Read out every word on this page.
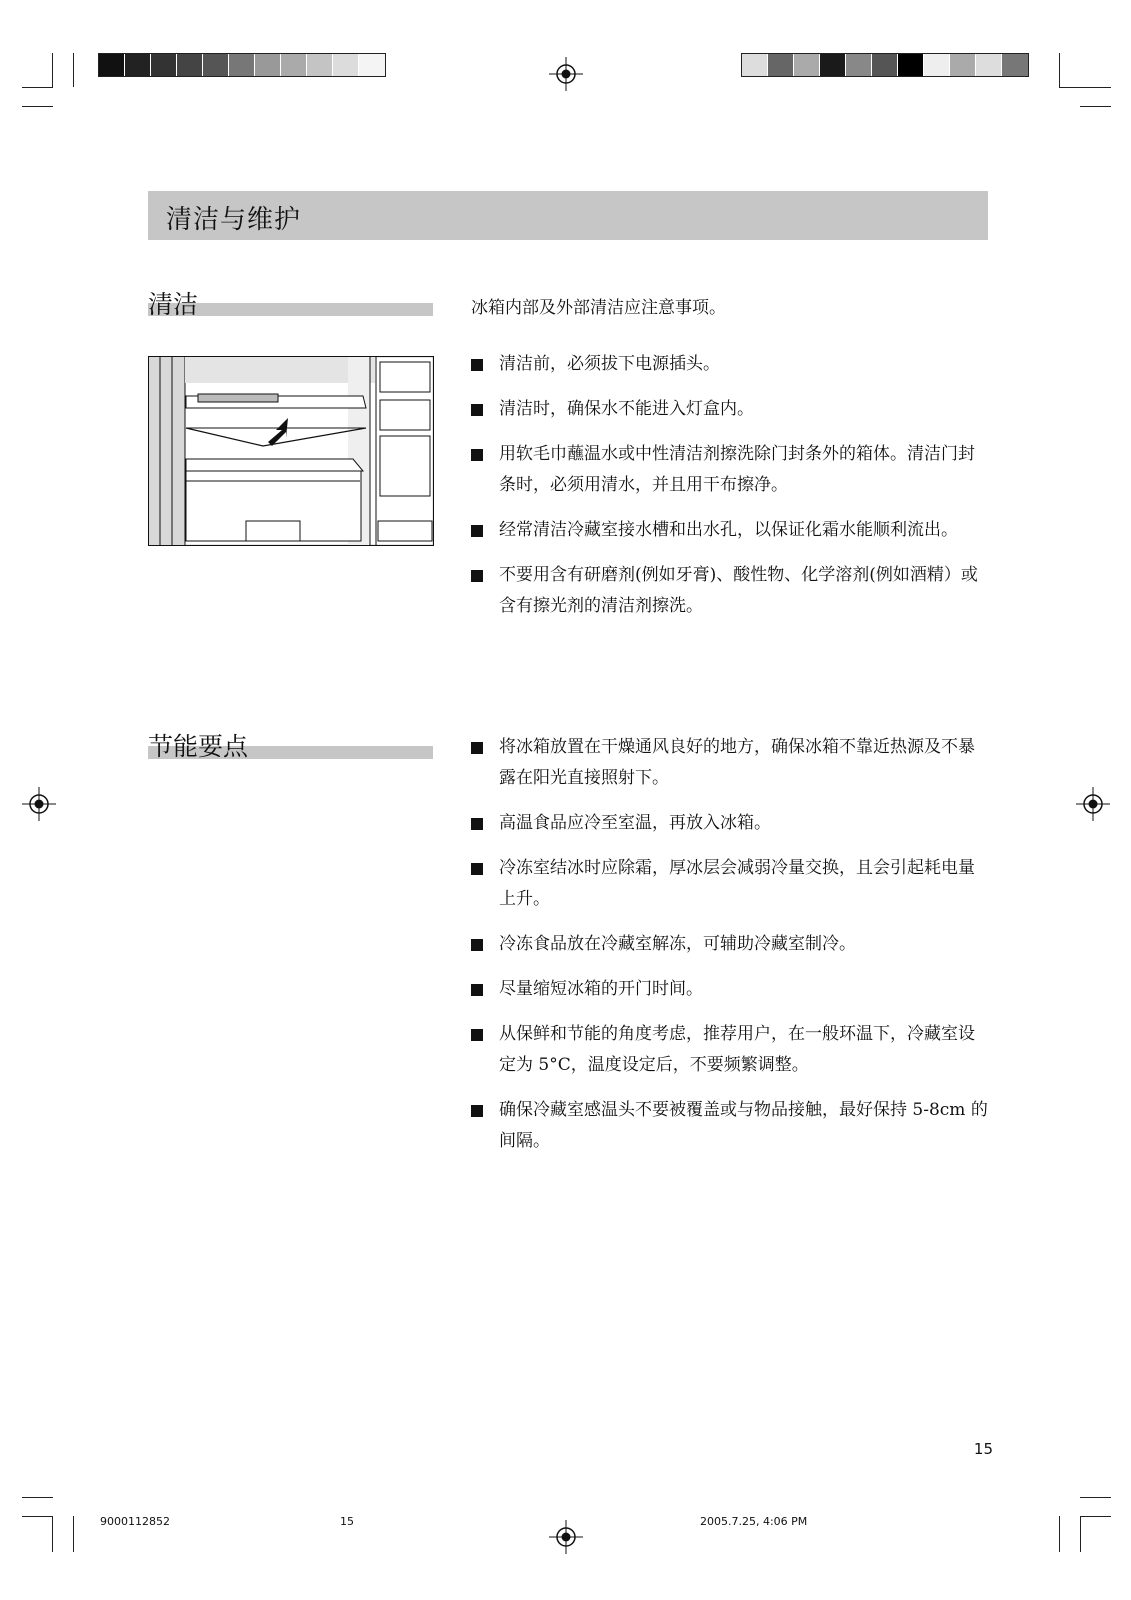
清洁与维护
清洁	冰箱内部及外部清洁应注意事项。
清洁前，必须拔下电源插头。
清洁时，确保水不能进入灯盒内。
用软毛巾蘸温水或中性清洁剂擦洗除门封条外的箱体。清洁门封条时，必须用清水，并且用干布擦净。
经常清洁冷藏室接水槽和出水孔，以保证化霜水能顺利流出。
不要用含有研磨剂(例如牙膏)、酸性物、化学溶剂(例如酒精）或含有擦光剂的清洁剂擦洗。
节能要点	将冰箱放置在干燥通风良好的地方，确保冰箱不靠近热源及不暴露在阳光直接照射下。
高温食品应冷至室温，再放入冰箱。
冷冻室结冰时应除霜，厚冰层会减弱冷量交换，且会引起耗电量上升。
冷冻食品放在冷藏室解冻，可辅助冷藏室制冷。
尽量缩短冰箱的开门时间。
从保鲜和节能的角度考虑，推荐用户，在一般环温下，冷藏室设定为 5°C，温度设定后，不要频繁调整。
确保冷藏室感温头不要被覆盖或与物品接触，最好保持 5-8cm 的间隔。
15
9000112852	15	2005.7.25, 4:06 PM
